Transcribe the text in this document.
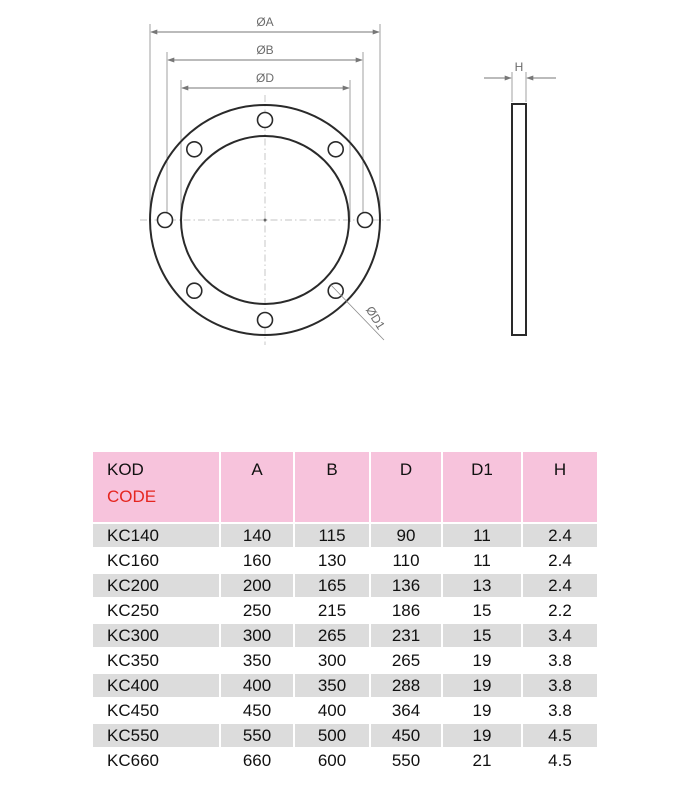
ØA
ØB
ØD
ØD1
H
KOD
CODE	A	B	D	D1	H
KC140	140	115	90	11	2.4
KC160	160	130	110	11	2.4
KC200	200	165	136	13	2.4
KC250	250	215	186	15	2.2
KC300	300	265	231	15	3.4
KC350	350	300	265	19	3.8
KC400	400	350	288	19	3.8
KC450	450	400	364	19	3.8
KC550	550	500	450	19	4.5
KC660	660	600	550	21	4.5
